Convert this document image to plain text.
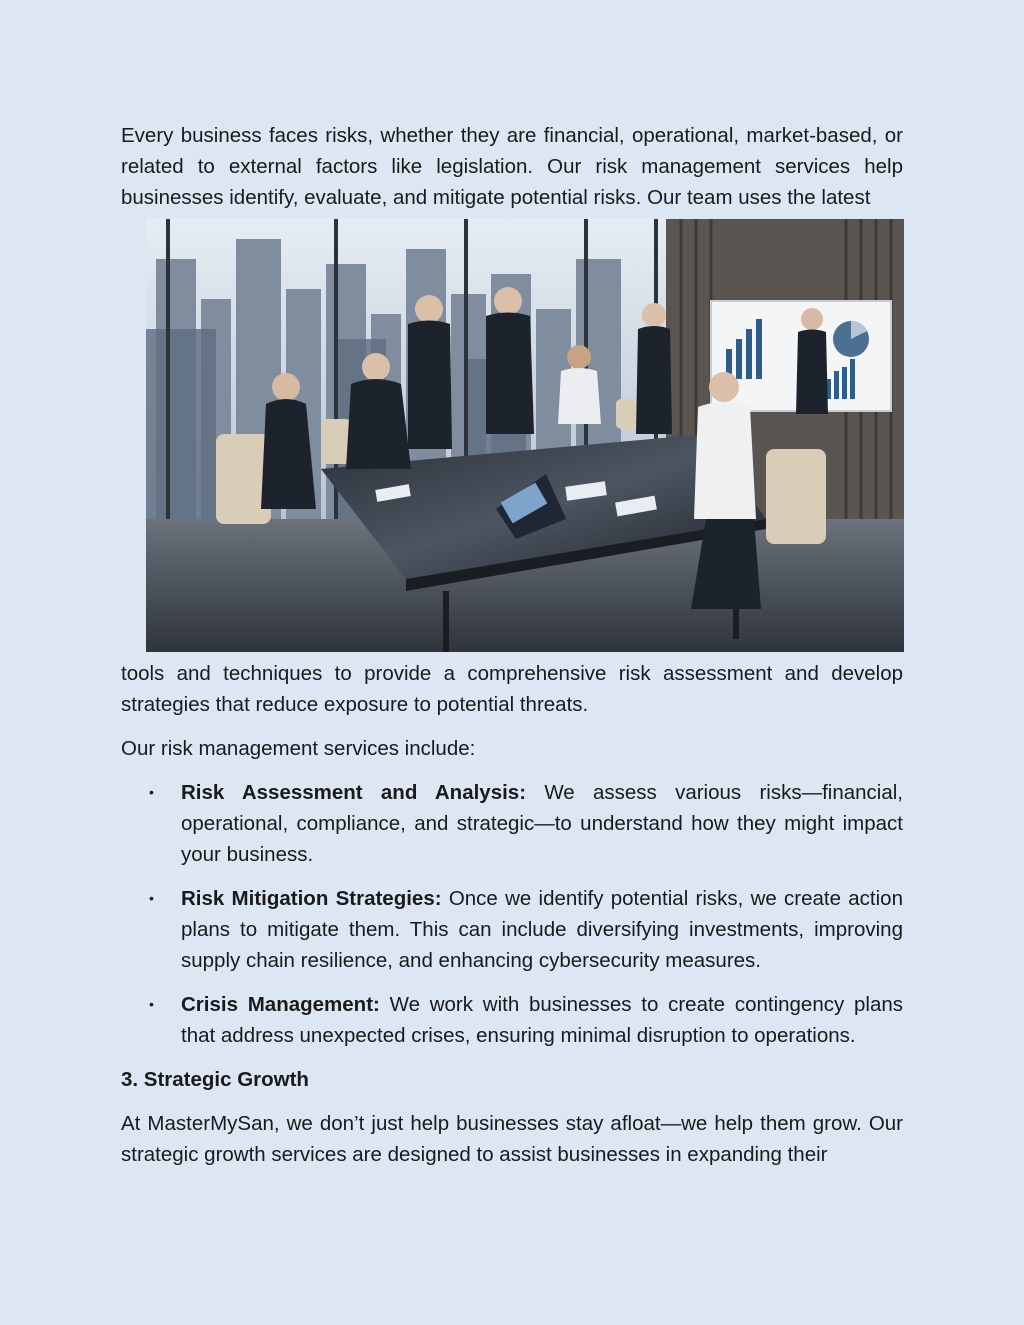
Every business faces risks, whether they are financial, operational, market-based, or related to external factors like legislation. Our risk management services help businesses identify, evaluate, and mitigate potential risks. Our team uses the latest

tools and techniques to provide a comprehensive risk assessment and develop strategies that reduce exposure to potential threats.

Our risk management services include:

• Risk Assessment and Analysis: We assess various risks—financial, operational, compliance, and strategic—to understand how they might impact your business.
• Risk Mitigation Strategies: Once we identify potential risks, we create action plans to mitigate them. This can include diversifying investments, improving supply chain resilience, and enhancing cybersecurity measures.
• Crisis Management: We work with businesses to create contingency plans that address unexpected crises, ensuring minimal disruption to operations.
3. Strategic Growth

At MasterMySan, we don’t just help businesses stay afloat—we help them grow. Our strategic growth services are designed to assist businesses in expanding their
